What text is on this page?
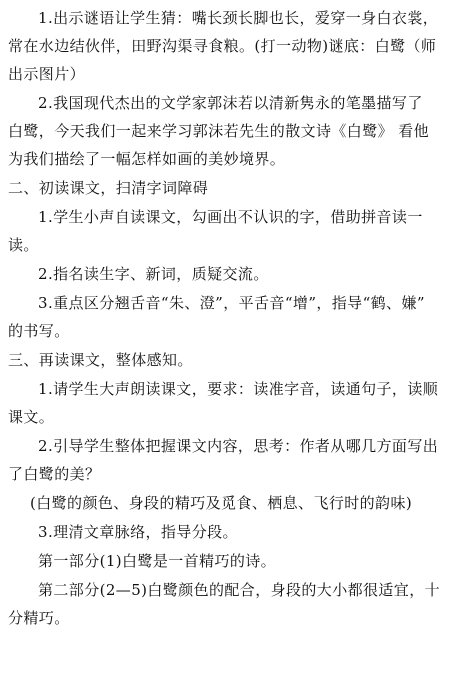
1.出示谜语让学生猜：嘴长颈长脚也长，爱穿一身白衣裳，
常在水边结伙伴，田野沟渠寻食粮。(打一动物)谜底：白鹭（师
出示图片）
2.我国现代杰出的文学家郭沫若以清新隽永的笔墨描写了
白鹭，今天我们一起来学习郭沫若先生的散文诗《白鹭》 看他
为我们描绘了一幅怎样如画的美妙境界。
二、初读课文，扫清字词障碍
1.学生小声自读课文，勾画出不认识的字，借助拼音读一
读。
2.指名读生字、新词，质疑交流。
3.重点区分翘舌音“朱、澄”，平舌音“增”，指导“鹤、嫌”
的书写。
三、再读课文，整体感知。
1.请学生大声朗读课文，要求：读准字音，读通句子，读顺
课文。
2.引导学生整体把握课文内容，思考：作者从哪几方面写出
了白鹭的美？
(白鹭的颜色、身段的精巧及觅食、栖息、飞行时的韵味)
3.理清文章脉络，指导分段。
第一部分(1)白鹭是一首精巧的诗。
第二部分(2—5)白鹭颜色的配合，身段的大小都很适宜，十
分精巧。
